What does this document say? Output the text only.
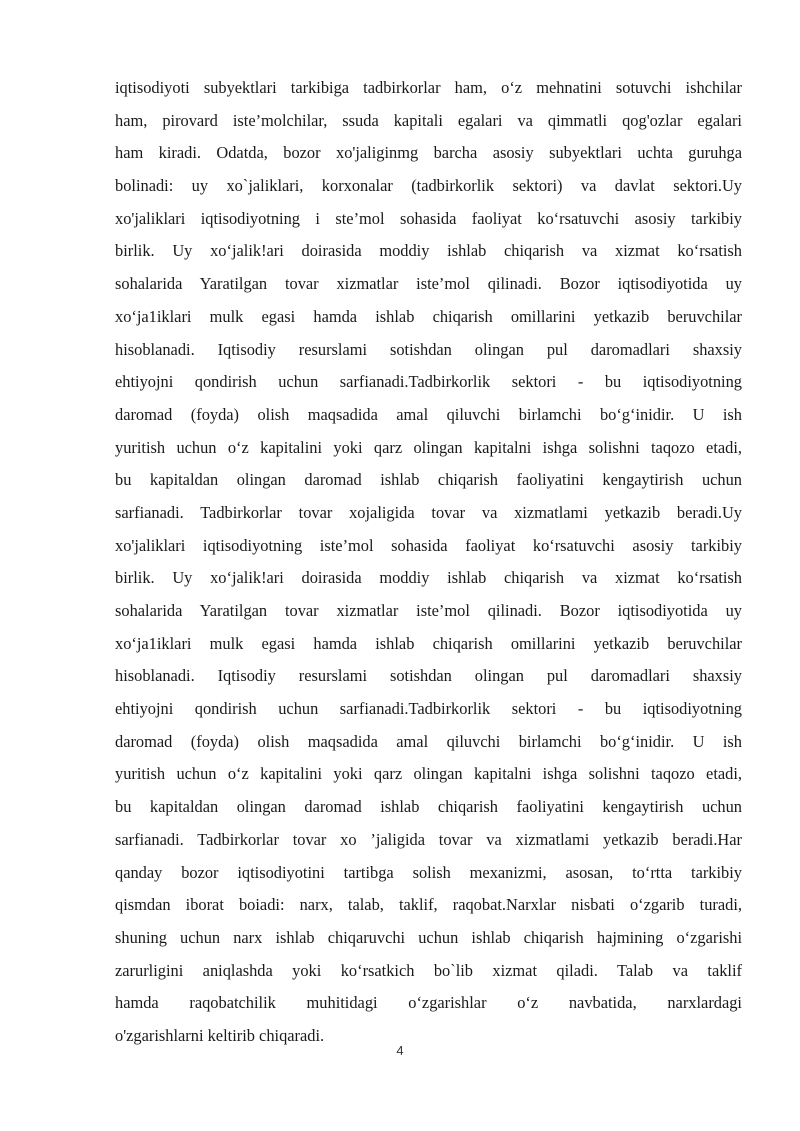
iqtisodiyoti subyektlari tarkibiga tadbirkorlar ham, o‘z mehnatini sotuvchi ishchilar
ham, pirovard iste’molchilar, ssuda kapitali egalari va qimmatli qog'ozlar egalari
ham kiradi. Odatda, bozor xo'jaliginmg barcha asosiy subyektlari uchta guruhga
bolinadi: uy xo`jaliklari, korxonalar (tadbirkorlik sektori) va davlat sektori.Uy
xo'jaliklari iqtisodiyotning i ste’mol sohasida faoliyat ko‘rsatuvchi asosiy tarkibiy
birlik. Uy xo‘jalik!ari doirasida moddiy ishlab chiqarish va xizmat ko‘rsatish
sohalarida Yaratilgan tovar xizmatlar iste’mol qilinadi. Bozor iqtisodiyotida uy
xo‘ja1iklari mulk egasi hamda ishlab chiqarish omillarini yetkazib beruvchilar
hisoblanadi. Iqtisodiy resurslami sotishdan olingan pul daromadlari shaxsiy
ehtiyojni qondirish uchun sarfianadi.Tadbirkorlik sektori - bu iqtisodiyotning
daromad (foyda) olish maqsadida amal qiluvchi birlamchi bo‘g‘inidir. U ish
yuritish uchun o‘z kapitalini yoki qarz olingan kapitalni ishga solishni taqozo etadi,
bu kapitaldan olingan daromad ishlab chiqarish faoliyatini kengaytirish uchun
sarfianadi. Tadbirkorlar tovar xojaligida tovar va xizmatlami yetkazib beradi.Uy
xo'jaliklari iqtisodiyotning iste’mol sohasida faoliyat ko‘rsatuvchi asosiy tarkibiy
birlik. Uy xo‘jalik!ari doirasida moddiy ishlab chiqarish va xizmat ko‘rsatish
sohalarida Yaratilgan tovar xizmatlar iste’mol qilinadi. Bozor iqtisodiyotida uy
xo‘ja1iklari mulk egasi hamda ishlab chiqarish omillarini yetkazib beruvchilar
hisoblanadi. Iqtisodiy resurslami sotishdan olingan pul daromadlari shaxsiy
ehtiyojni qondirish uchun sarfianadi.Tadbirkorlik sektori - bu iqtisodiyotning
daromad (foyda) olish maqsadida amal qiluvchi birlamchi bo‘g‘inidir. U ish
yuritish uchun o‘z kapitalini yoki qarz olingan kapitalni ishga solishni taqozo etadi,
bu kapitaldan olingan daromad ishlab chiqarish faoliyatini kengaytirish uchun
sarfianadi. Tadbirkorlar tovar xo ’jaligida tovar va xizmatlami yetkazib beradi.Har
qanday bozor iqtisodiyotini tartibga solish mexanizmi, asosan, to‘rtta tarkibiy
qismdan iborat boiadi: narx, talab, taklif, raqobat.Narxlar nisbati o‘zgarib turadi,
shuning uchun narx ishlab chiqaruvchi uchun ishlab chiqarish hajmining o‘zgarishi
zarurligini aniqlashda yoki ko‘rsatkich bo`lib xizmat qiladi. Talab va taklif
hamda raqobatchilik muhitidagi o‘zgarishlar o‘z navbatida, narxlardagi
o'zgarishlarni keltirib chiqaradi.
4
